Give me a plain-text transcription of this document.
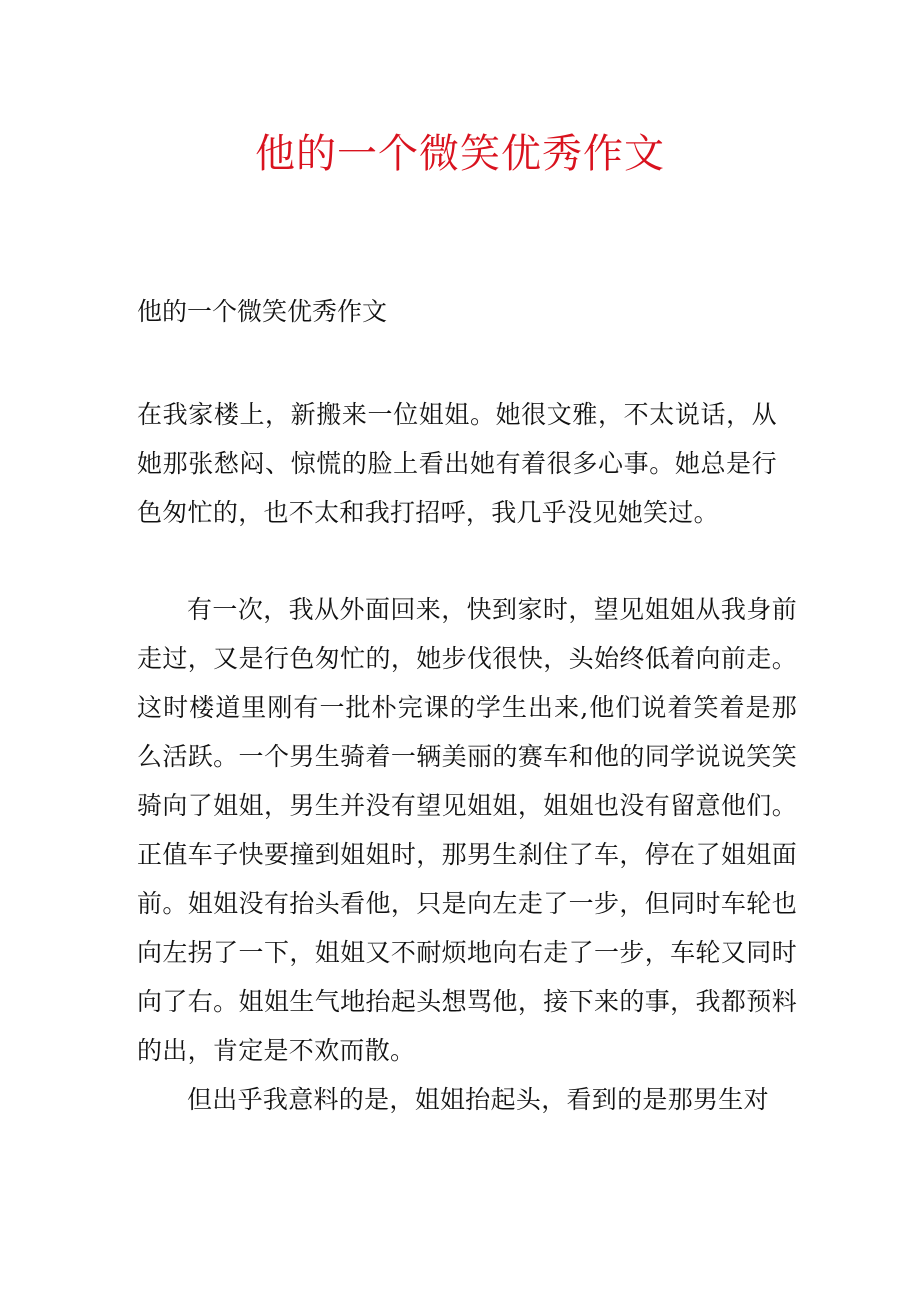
他的一个微笑优秀作文

他的一个微笑优秀作文

在我家楼上，新搬来一位姐姐。她很文雅，不太说话，从她那张愁闷、惊慌的脸上看出她有着很多心事。她总是行色匆忙的，也不太和我打招呼，我几乎没见她笑过。

有一次，我从外面回来，快到家时，望见姐姐从我身前走过，又是行色匆忙的，她步伐很快，头始终低着向前走。这时楼道里刚有一批朴完课的学生出来,他们说着笑着是那么活跃。一个男生骑着一辆美丽的赛车和他的同学说说笑笑骑向了姐姐，男生并没有望见姐姐，姐姐也没有留意他们。正值车子快要撞到姐姐时，那男生刹住了车，停在了姐姐面前。姐姐没有抬头看他，只是向左走了一步，但同时车轮也向左拐了一下，姐姐又不耐烦地向右走了一步，车轮又同时向了右。姐姐生气地抬起头想骂他，接下来的事，我都预料的出，肯定是不欢而散。

但出乎我意料的是，姐姐抬起头，看到的是那男生对
